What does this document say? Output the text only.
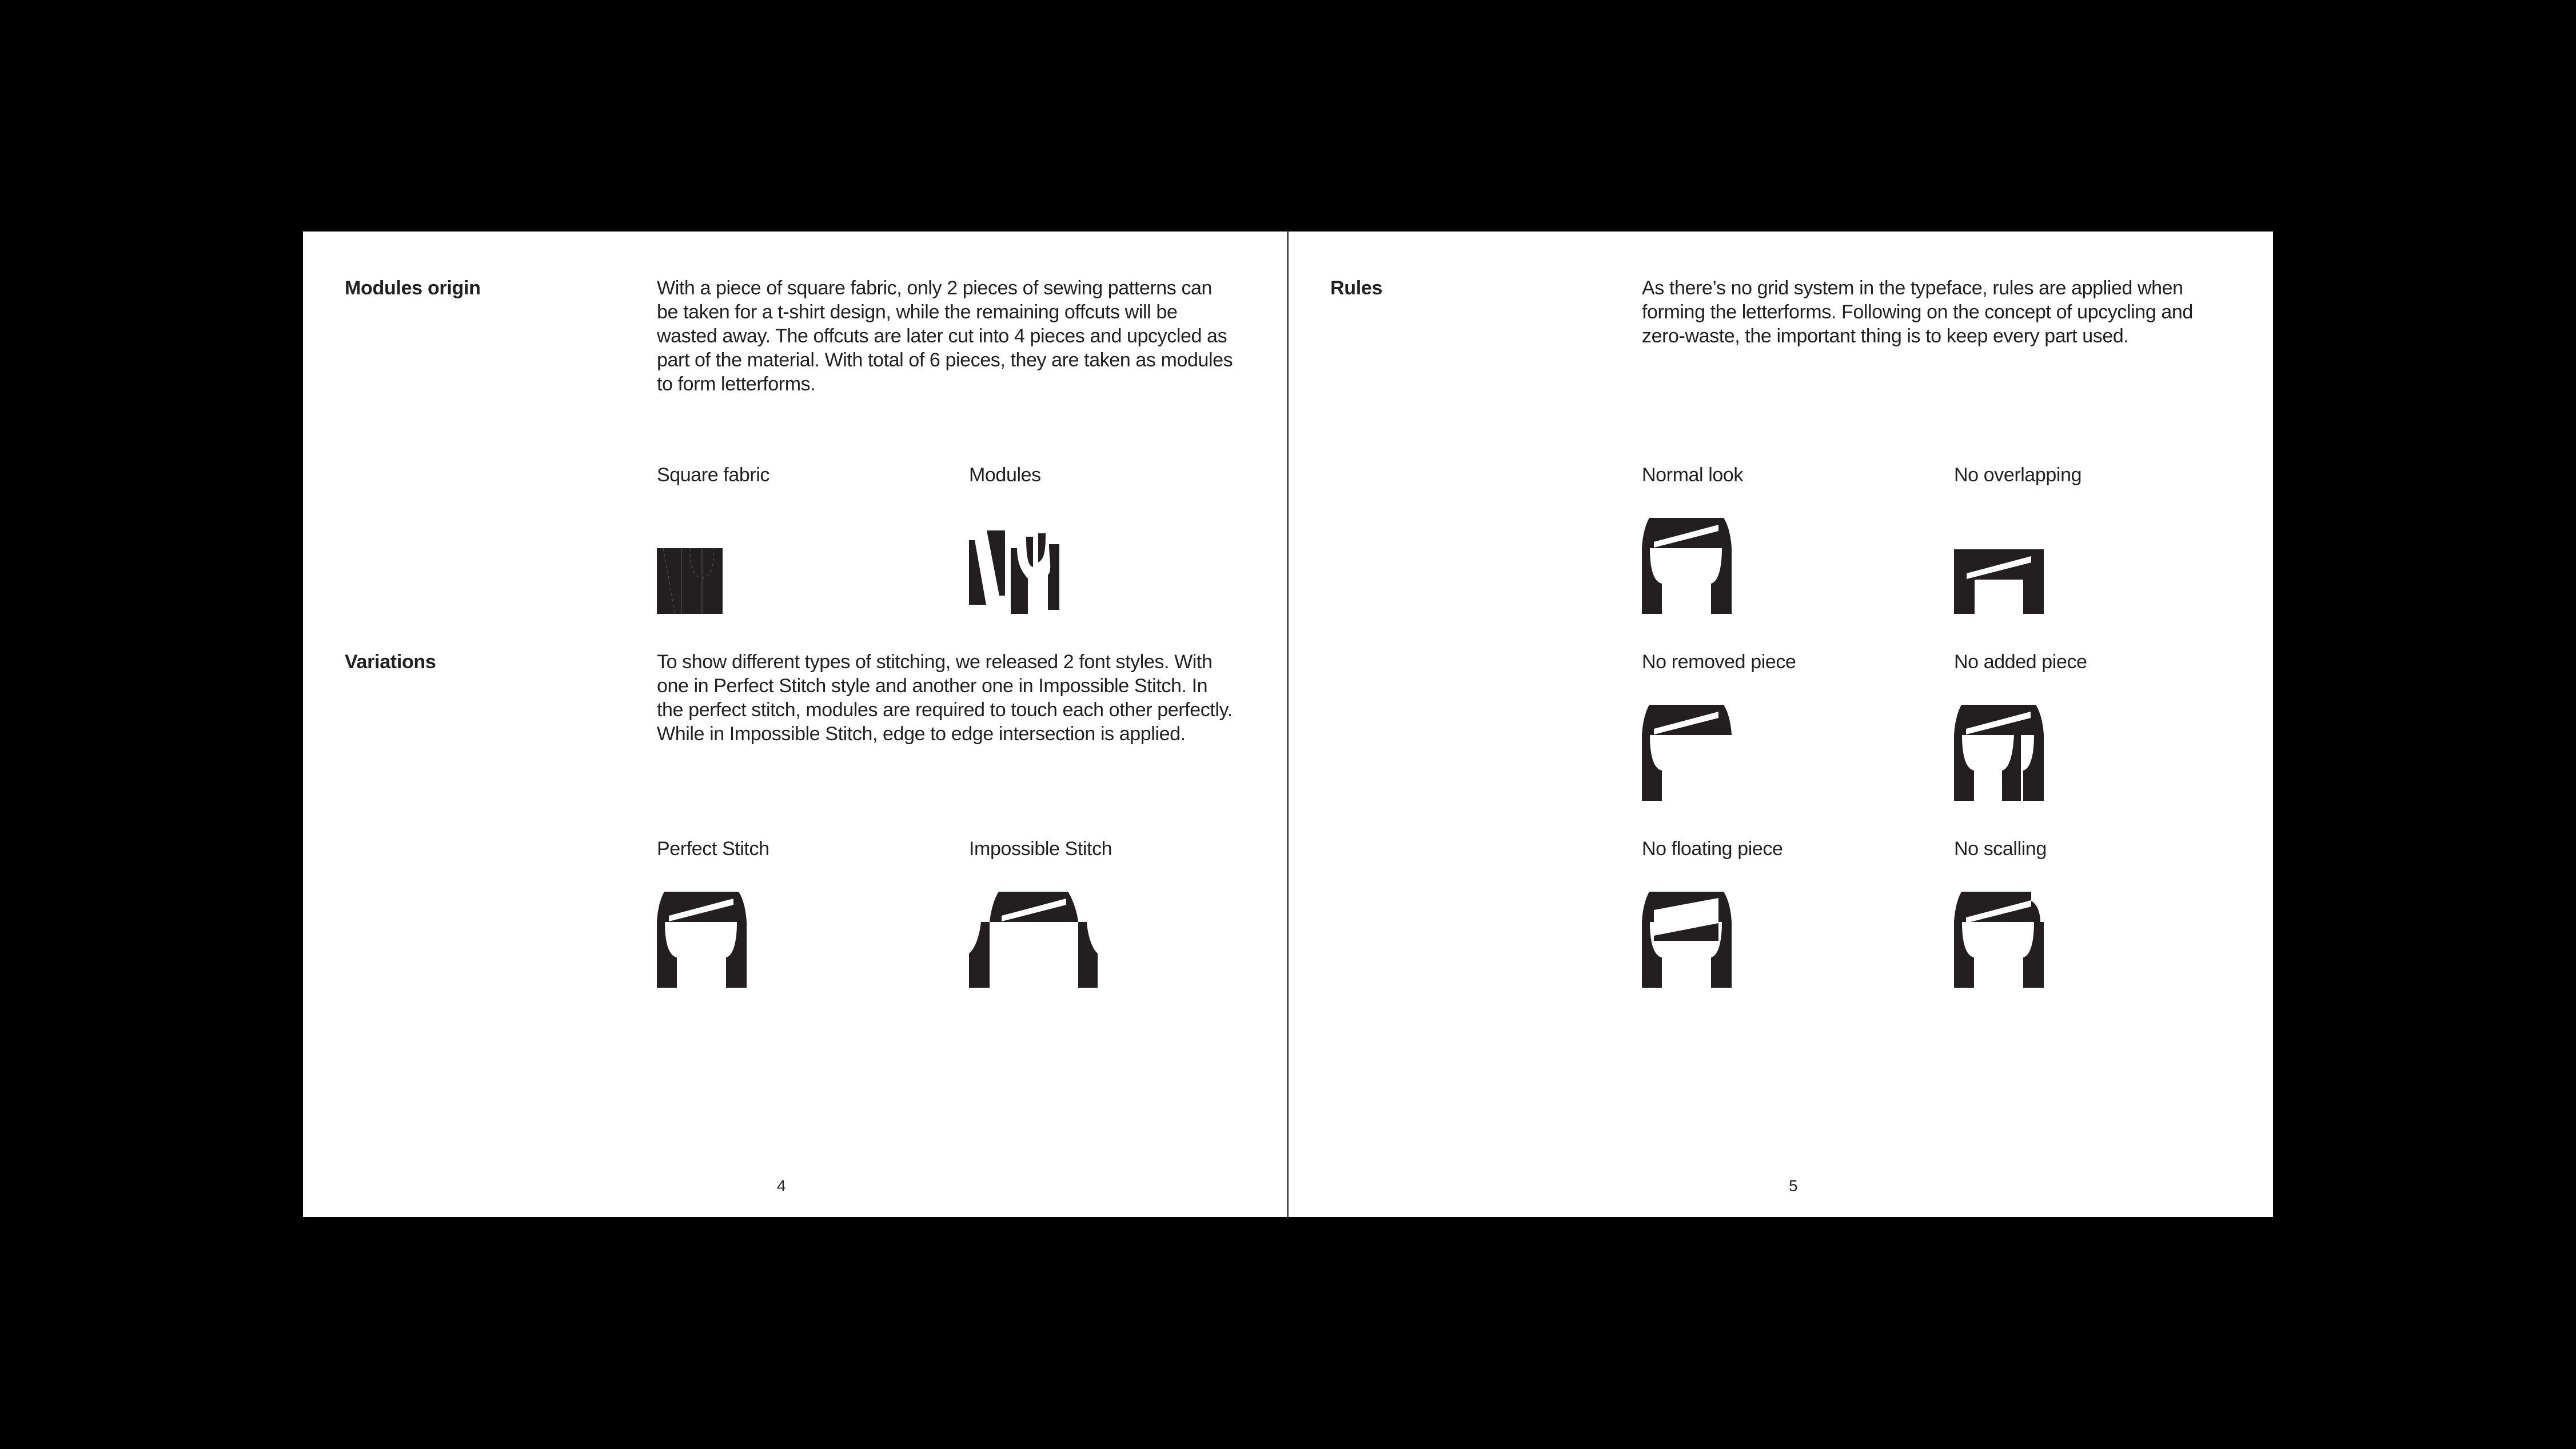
Modules origin	With a piece of square fabric, only 2 pieces of sewing patterns can be taken for a t-shirt design, while the remaining offcuts will be wasted away. The offcuts are later cut into 4 pieces and upcycled as part of the material. With total of 6 pieces, they are taken as modules to form letterforms.
Square fabric	Modules
Variations	To show different types of stitching, we released 2 font styles. With one in Perfect Stitch style and another one in Impossible Stitch. In the perfect stitch, modules are required to touch each other perfectly. While in Impossible Stitch, edge to edge intersection is applied.
Perfect Stitch	Impossible Stitch
4
Rules	As there’s no grid system in the typeface, rules are applied when forming the letterforms. Following on the concept of upcycling and zero-waste, the important thing is to keep every part used.
Normal look	No overlapping
No removed piece	No added piece
No floating piece	No scalling
5
